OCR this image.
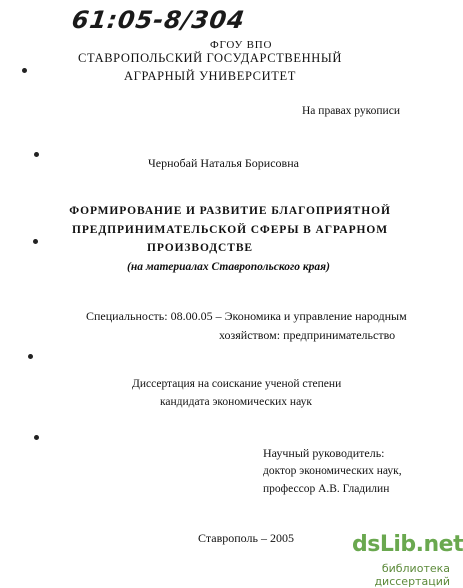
61:05-8/304
ФГОУ ВПО
СТАВРОПОЛЬСКИЙ ГОСУДАРСТВЕННЫЙ
АГРАРНЫЙ УНИВЕРСИТЕТ
На правах рукописи
Чернобай Наталья Борисовна
ФОРМИРОВАНИЕ И РАЗВИТИЕ БЛАГОПРИЯТНОЙ
ПРЕДПРИНИМАТЕЛЬСКОЙ СФЕРЫ В АГРАРНОМ
ПРОИЗВОДСТВЕ
(на материалах Ставропольского края)
Специальность: 08.00.05 – Экономика и управление народным
хозяйством: предпринимательство
Диссертация на соискание ученой степени
кандидата экономических наук
Научный руководитель:
доктор экономических наук,
профессор А.В. Гладилин
Ставрополь – 2005	dsLib.net
библиотека диссертаций
